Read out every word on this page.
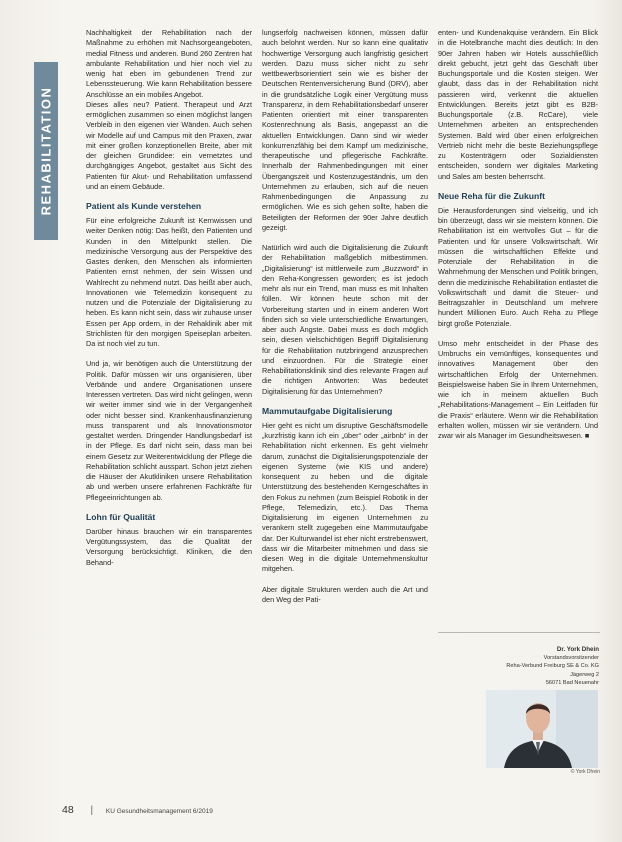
REHABILITATION

Nachhaltigkeit der Rehabilitation nach der Maßnahme zu erhöhen mit Nachsorgeangeboten, medial Fitness und anderen. Bund 260 Zentren hat ambulante Rehabilitation und hier noch viel zu wenig hat eben im gebundenen Trend zur Lebenssteuerung. Wie kann Rehabilitation bessere Anschlüsse an ein mobiles Angebot.

Dieses alles neu? Patient. Therapeut und Arzt ermöglichen zusammen so einen möglichst langen Verbleib in den eigenen vier Wänden. Auch sehen wir Modelle auf und Campus mit den Praxen, zwar mit einer großen konzeptionellen Breite, aber mit der gleichen Grundidee: ein vernetztes und durchgängiges Angebot, gestaltet aus Sicht des Patienten für Akut- und Rehabilitation umfassend und an einem Gebäude.

Patient als Kunde verstehen

Für eine erfolgreiche Zukunft ist Kernwissen und weiter Denken nötig: Das heißt, den Patienten und Kunden in den Mittelpunkt stellen. Die medizinische Versorgung aus der Perspektive des Gastes denken, den Menschen als informierten Patienten ernst nehmen, der sein Wissen und Wahlrecht zu nehmend nutzt. Das heißt aber auch, Innovationen wie Telemedizin konsequent zu nutzen und die Potenziale der Digitalisierung zu heben. Es kann nicht sein, dass wir zuhause unser Essen per App ordern, in der Rehaklinik aber mit Strichlisten für den morgigen Speiseplan arbeiten. Da ist noch viel zu tun.

Und ja, wir benötigen auch die Unterstützung der Politik. Dafür müssen wir uns organisieren, über Verbände und andere Organisationen unsere Interessen vertreten. Das wird nicht gelingen, wenn wir weiter immer sind wie in der Vergangenheit oder nicht besser sind. Krankenhausfinanzierung muss transparent und als Innovationsmotor gestaltet werden. Dringender Handlungsbedarf ist in der Pflege. Es darf nicht sein, dass man bei einem Gesetz zur Weiterentwicklung der Pflege die Rehabilitation schlicht ausspart. Schon jetzt ziehen die Häuser der Akutkliniken unsere Rehabilitation ab und werben unsere erfahrenen Fachkräfte für Pflegeeinrichtungen ab.

Lohn für Qualität

Darüber hinaus brauchen wir ein transparentes Vergütungssystem, das die Qualität der Versorgung berücksichtigt. Kliniken, die den Behand-

lungserfolg nachweisen können, müssen dafür auch belohnt werden. Nur so kann eine qualitativ hochwertige Versorgung auch langfristig gesichert werden. Dazu muss sicher nicht zu sehr wettbewerbsorientiert sein wie es bisher der Deutschen Rentenversicherung Bund (DRV), aber in die grundsätzliche Logik einer Vergütung muss Transparenz, in dem Rehabilitationsbedarf unserer Patienten orientiert mit einer transparenten Kostenrechnung als Basis, angepasst an die aktuellen Entwicklungen. Dann sind wir wieder konkurrenzfähig bei dem Kampf um medizinische, therapeutische und pflegerische Fachkräfte. Innerhalb der Rahmenbedingungen mit einer Übergangszeit und Kostenzugeständnis, um den Unternehmen zu erlauben, sich auf die neuen Rahmenbedingungen die Anpassung zu ermöglichen. Wie es sich gehen sollte, haben die Beteiligten der Reformen der 90er Jahre deutlich gezeigt.

Natürlich wird auch die Digitalisierung die Zukunft der Rehabilitation maßgeblich mitbestimmen. „Digitalisierung“ ist mittlerweile zum „Buzzword“ in den Reha-Kongressen geworden; es ist jedoch mehr als nur ein Trend, man muss es mit Inhalten füllen. Wir können heute schon mit der Vorbereitung starten und in einem anderen Wort finden sich so viele unterschiedliche Erwartungen, aber auch Ängste. Dabei muss es doch möglich sein, diesen vielschichtigen Begriff Digitalisierung für die Rehabilitation nutzbringend anzusprechen und einzuordnen. Für die Strategie einer Rehabilitationsklinik sind dies relevante Fragen auf die richtigen Antworten: Was bedeutet Digitalisierung für das Unternehmen?

Mammutaufgabe Digitalisierung

Hier geht es nicht um disruptive Geschäftsmodelle „kurzfristig kann ich ein „über“ oder „airbnb“ in der Rehabilitation nicht erkennen. Es geht vielmehr darum, zunächst die Digitalisierungspotenziale der eigenen Systeme (wie KIS und andere) konsequent zu heben und die digitale Unterstützung des bestehenden Kerngeschäftes in den Fokus zu nehmen (zum Beispiel Robotik in der Pflege, Telemedizin, etc.). Das Thema Digitalisierung im eigenen Unternehmen zu verankern stellt zugegeben eine Mammutaufgabe dar. Der Kulturwandel ist eher nicht erstrebenswert, dass wir die Mitarbeiter mitnehmen und dass sie diesen Weg in die digitale Unternehmenskultur mitgehen.

Aber digitale Strukturen werden auch die Art und den Weg der Pati-

enten- und Kundenakquise verändern. Ein Blick in die Hotelbranche macht dies deutlich: In den 90er Jahren haben wir Hotels ausschließlich direkt gebucht, jetzt geht das Geschäft über Buchungsportale und die Kosten steigen. Wer glaubt, dass das in der Rehabilitation nicht passieren wird, verkennt die aktuellen Entwicklungen. Bereits jetzt gibt es B2B-Buchungsportale (z.B. RcCare), viele Unternehmen arbeiten an entsprechenden Systemen. Bald wird über einen erfolgreichen Vertrieb nicht mehr die beste Beziehungspflege zu Kostenträgern oder Sozialdiensten entscheiden, sondern wer digitales Marketing und Sales am besten beherrscht.

Neue Reha für die Zukunft

Die Herausforderungen sind vielseitig, und ich bin überzeugt, dass wir sie meistern können. Die Rehabilitation ist ein wertvolles Gut – für die Patienten und für unsere Volkswirtschaft. Wir müssen die wirtschaftlichen Effekte und Potenziale der Rehabilitation in die Wahrnehmung der Menschen und Politik bringen, denn die medizinische Rehabilitation entlastet die Volkswirtschaft und damit die Steuer- und Beitragszahler in Deutschland um mehrere hundert Millionen Euro. Auch Reha zu Pflege birgt große Potenziale.

Umso mehr entscheidet in der Phase des Umbruchs ein vernünftiges, konsequentes und innovatives Management über den wirtschaftlichen Erfolg der Unternehmen. Beispielsweise haben Sie in Ihrem Unternehmen, wie ich in meinem aktuellen Buch „Rehabilitations-Management – Ein Leitfaden für die Praxis“ erläutere. Wenn wir die Rehabilitation erhalten wollen, müssen wir sie verändern. Und zwar wir als Manager im Gesundheitswesen. ■

Dr. York Dhein
Vorstandsvorsitzender
Reha-Verbund Freiburg SE & Co. KG
Jägerweg 2
56071 Bad Neuenahr
© York Dhein
48 | KU Gesundheitsmanagement 6/2019
